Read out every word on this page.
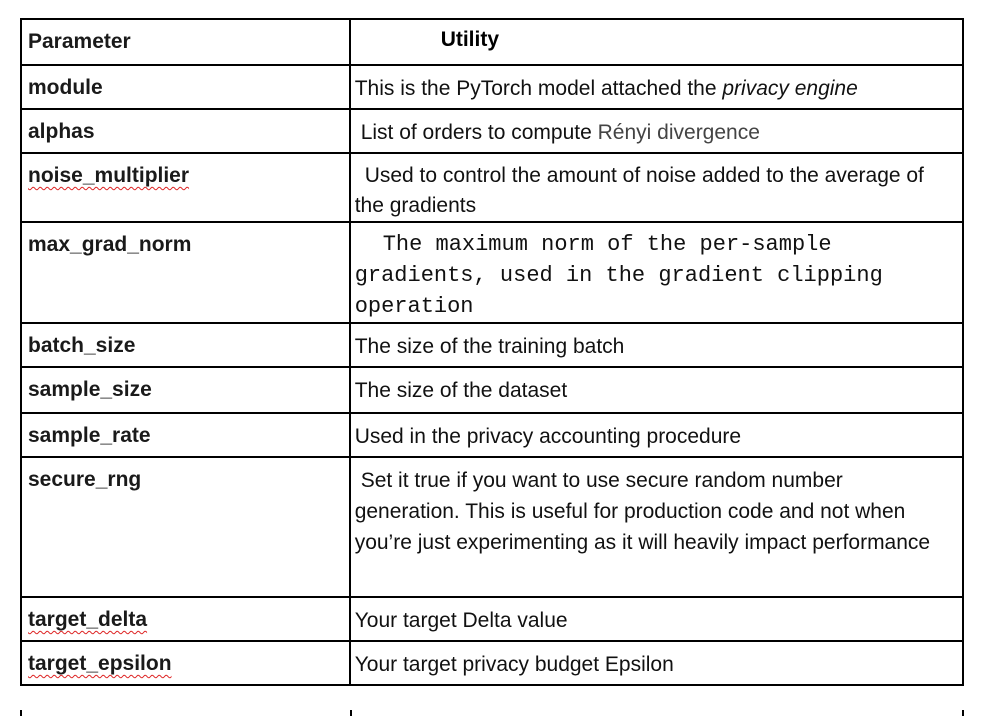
Parameter	Utility

module	This is the PyTorch model attached the privacy engine

alphas	List of orders to compute Rényi divergence

noise_multiplier	Used to control the amount of noise added to the average of the gradients

max_grad_norm	The maximum norm of the per-sample gradients, used in the gradient clipping operation

batch_size	The size of the training batch

sample_size	The size of the dataset

sample_rate	Used in the privacy accounting procedure

secure_rng	Set it true if you want to use secure random number generation. This is useful for production code and not when you’re just experimenting as it will heavily impact performance

target_delta	Your target Delta value

target_epsilon	Your target privacy budget Epsilon
